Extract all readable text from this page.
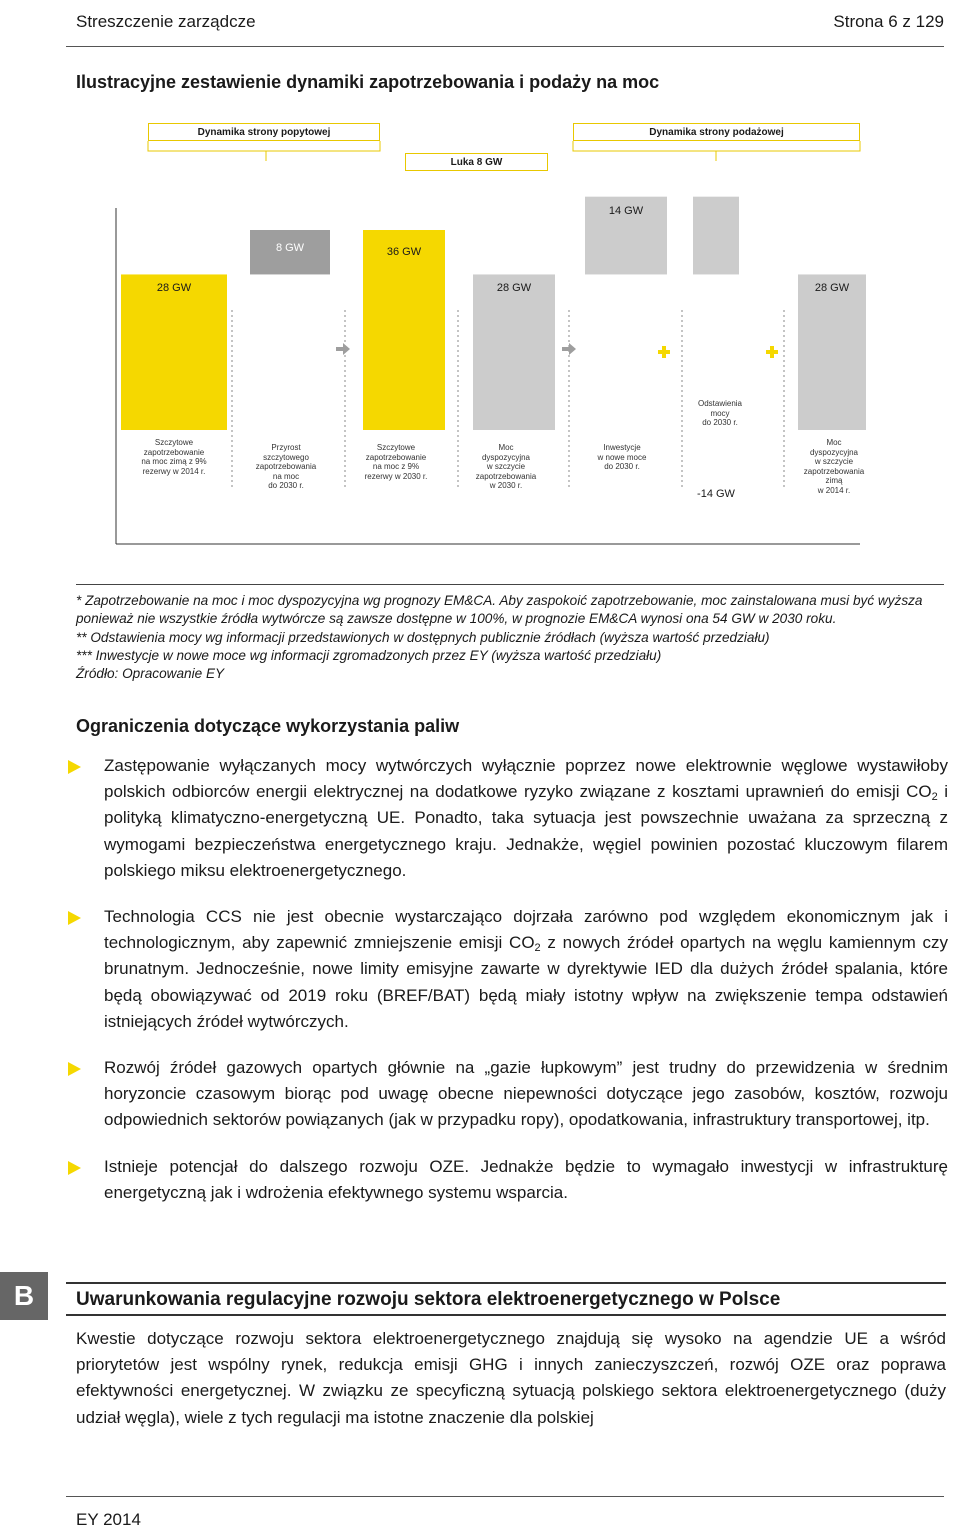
Streszczenie zarządcze	Strona 6 z 129
Ilustracyjne zestawienie dynamiki zapotrzebowania i podaży na moc
Dynamika strony popytowej	Dynamika strony podażowej
Luka 8 GW
28 GW
8 GW	36 GW
28 GW
14 GW
-14 GW
28 GW
Szczytowe
zapotrzebowanie
na moc zimą z 9%
rezerwy w 2014 r.
Przyrost
szczytowego
zapotrzebowania
na moc
do 2030 r.
Szczytowe
zapotrzebowanie
na moc z 9%
rezerwy w 2030 r.
Moc
dyspozycyjna
w szczycie
zapotrzebowania
w 2030 r.
Inwestycje
w nowe moce
do 2030 r.
Odstawienia
mocy
do 2030 r.
Moc
dyspozycyjna
w szczycie
zapotrzebowania
zimą
w 2014 r.

* Zapotrzebowanie na moc i moc dyspozycyjna wg prognozy EM&CA. Aby zaspokoić zapotrzebowanie, moc zainstalowana musi być wyższa ponieważ nie wszystkie źródła wytwórcze są zawsze dostępne w 100%, w prognozie EM&CA wynosi ona 54 GW w 2030 roku.

** Odstawienia mocy wg informacji przedstawionych w dostępnych publicznie źródłach (wyższa wartość przedziału)

*** Inwestycje w nowe moce wg informacji zgromadzonych przez EY (wyższa wartość przedziału)

Źródło: Opracowanie EY

Ograniczenia dotyczące wykorzystania paliw
Zastępowanie wyłączanych mocy wytwórczych wyłącznie poprzez nowe elektrownie węglowe wystawiłoby polskich odbiorców energii elektrycznej na dodatkowe ryzyko związane z kosztami uprawnień do emisji $CO_2$ i polityką klimatyczno-energetyczną UE. Ponadto, taka sytuacja jest powszechnie uważana za sprzeczną z wymogami bezpieczeństwa energetycznego kraju. Jednakże, węgiel powinien pozostać kluczowym filarem polskiego miksu elektroenergetycznego.
Technologia CCS nie jest obecnie wystarczająco dojrzała zarówno pod względem ekonomicznym jak i technologicznym, aby zapewnić zmniejszenie emisji $CO_2$ z nowych źródeł opartych na węglu kamiennym czy brunatnym. Jednocześnie, nowe limity emisyjne zawarte w dyrektywie IED dla dużych źródeł spalania, które będą obowiązywać od 2019 roku (BREF/BAT) będą miały istotny wpływ na zwiększenie tempa odstawień istniejących źródeł wytwórczych.
Rozwój źródeł gazowych opartych głównie na „gazie łupkowym” jest trudny do przewidzenia w średnim horyzoncie czasowym biorąc pod uwagę obecne niepewności dotyczące jego zasobów, kosztów, rozwoju odpowiednich sektorów powiązanych (jak w przypadku ropy), opodatkowania, infrastruktury transportowej, itp.
Istnieje potencjał do dalszego rozwoju OZE. Jednakże będzie to wymagało inwestycji w infrastrukturę energetyczną jak i wdrożenia efektywnego systemu wsparcia.
B	Uwarunkowania regulacyjne rozwoju sektora elektroenergetycznego w Polsce
Kwestie dotyczące rozwoju sektora elektroenergetycznego znajdują się wysoko na agendzie UE a wśród priorytetów jest wspólny rynek, redukcja emisji GHG i innych zanieczyszczeń, rozwój OZE oraz poprawa efektywności energetycznej. W związku ze specyficzną sytuacją polskiego sektora elektroenergetycznego (duży udział węgla), wiele z tych regulacji ma istotne znaczenie dla polskiej
EY 2014
